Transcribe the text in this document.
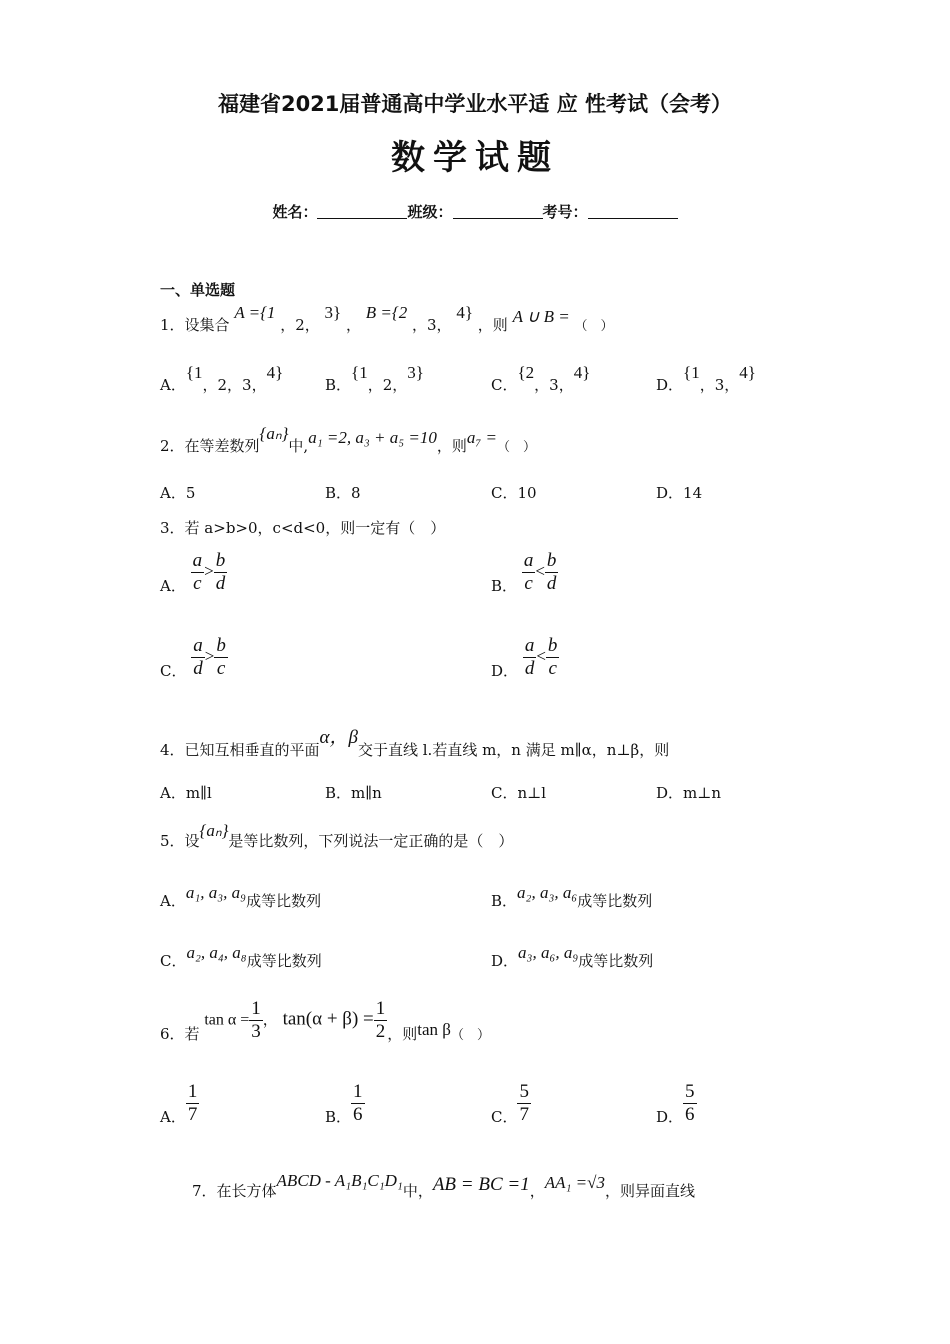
福建省2021届普通高中学业水平适 应 性考试（会考）
数学试题
姓名：	班级：	考号：
一、单选题
1．设集合 A ={1 ，2， 3} ， B ={2 ，3， 4} ，则 A ∪ B = （　）
A．{1，2，3，4}
B．{1，2，3}
C．{2，3，4}
D．{1，3，4}
2．在等差数列{aₙ}中,a₁ =2, a₃ + a₅ =10，则a₇ =（　）
A．5	B．8	C．10	D．14
3．若 a>b>0，c<d<0，则一定有（　）
A． $\frac{a}{c} > \frac{b}{d}$	B． $\frac{a}{c} < \frac{b}{d}$
C． $\frac{a}{d} > \frac{b}{c}$	D． $\frac{a}{d} < \frac{b}{c}$
4．已知互相垂直的平面α，β交于直线 l.若直线 m，n 满足 m∥α，n⊥β，则
A．m∥l	B．m∥n	C．n⊥l	D．m⊥n
5．设{aₙ}是等比数列，下列说法一定正确的是（　）
A．a₁, a₃, a₉成等比数列	B．a₂, a₃, a₆成等比数列
C．a₂, a₄, a₈成等比数列	D．a₃, a₆, a₉成等比数列
6．若 $\tan \alpha = \frac{1}{3}$ ， $\tan(\alpha + \beta) = \frac{1}{2}$ ，则tan β（　）
A． $\frac{1}{7}$	B． $\frac{1}{6}$	C． $\frac{5}{7}$	D． $\frac{5}{6}$
7．在长方体ABCD - A₁B₁C₁D₁中，AB = BC =1，AA₁ =√3，则异面直线
